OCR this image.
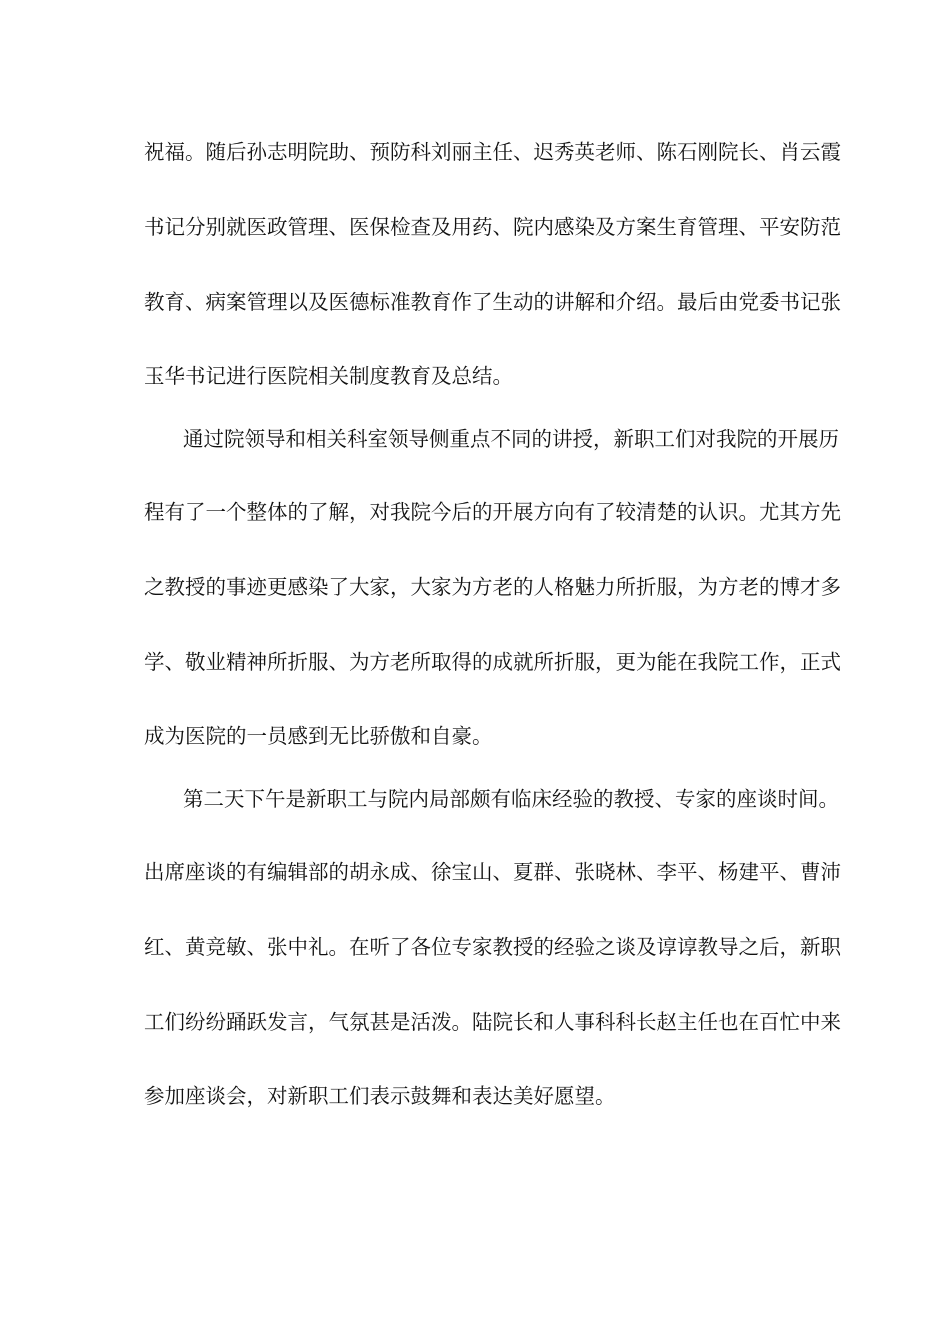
祝福。随后孙志明院助、预防科刘丽主任、迟秀英老师、陈石刚院长、肖云霞
书记分别就医政管理、医保检查及用药、院内感染及方案生育管理、平安防范
教育、病案管理以及医德标准教育作了生动的讲解和介绍。最后由党委书记张
玉华书记进行医院相关制度教育及总结。
通过院领导和相关科室领导侧重点不同的讲授，新职工们对我院的开展历
程有了一个整体的了解，对我院今后的开展方向有了较清楚的认识。尤其方先
之教授的事迹更感染了大家，大家为方老的人格魅力所折服，为方老的博才多
学、敬业精神所折服、为方老所取得的成就所折服，更为能在我院工作，正式
成为医院的一员感到无比骄傲和自豪。
第二天下午是新职工与院内局部颇有临床经验的教授、专家的座谈时间。
出席座谈的有编辑部的胡永成、徐宝山、夏群、张晓林、李平、杨建平、曹沛
红、黄竞敏、张中礼。在听了各位专家教授的经验之谈及谆谆教导之后，新职
工们纷纷踊跃发言，气氛甚是活泼。陆院长和人事科科长赵主任也在百忙中来
参加座谈会，对新职工们表示鼓舞和表达美好愿望。
